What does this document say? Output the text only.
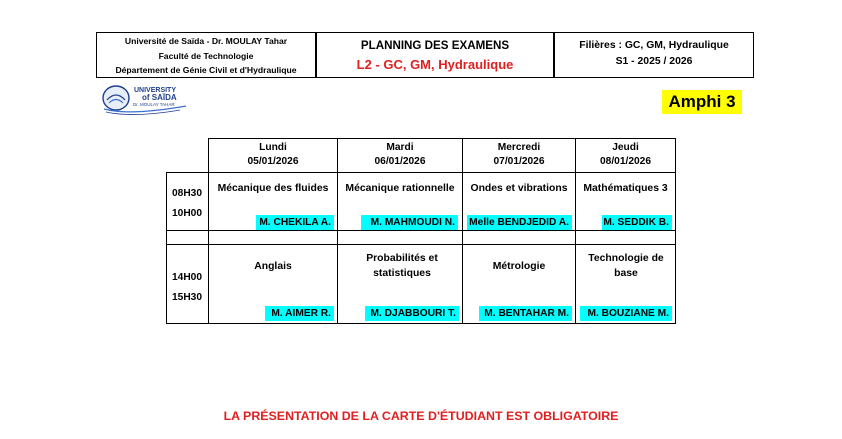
Université de Saïda - Dr. MOULAY Tahar
Faculté de Technologie
Département de Génie Civil et d'Hydraulique
PLANNING DES EXAMENS
L2 - GC, GM, Hydraulique
Filières : GC, GM, Hydraulique
S1 - 2025 / 2026
UNIVERSITY
of SAÏDA
Dr. MOULAY TAHAR	Amphi 3
Lundi
05/01/2026
Mardi
06/01/2026
Mercredi
07/01/2026
Jeudi
08/01/2026
08H30
10H00
Mécanique des fluides
M. CHEKILA A.
Mécanique rationnelle
M. MAHMOUDI N.
Ondes et vibrations
Melle BENDJEDID A.
Mathématiques 3
M. SEDDIK B.
14H00
15H30
Anglais
M. AIMER R.
Probabilités et statistiques
M. DJABBOURI T.
Métrologie
M. BENTAHAR M.
Technologie de base
M. BOUZIANE M.
LA PRÉSENTATION DE LA CARTE D'ÉTUDIANT EST OBLIGATOIRE
